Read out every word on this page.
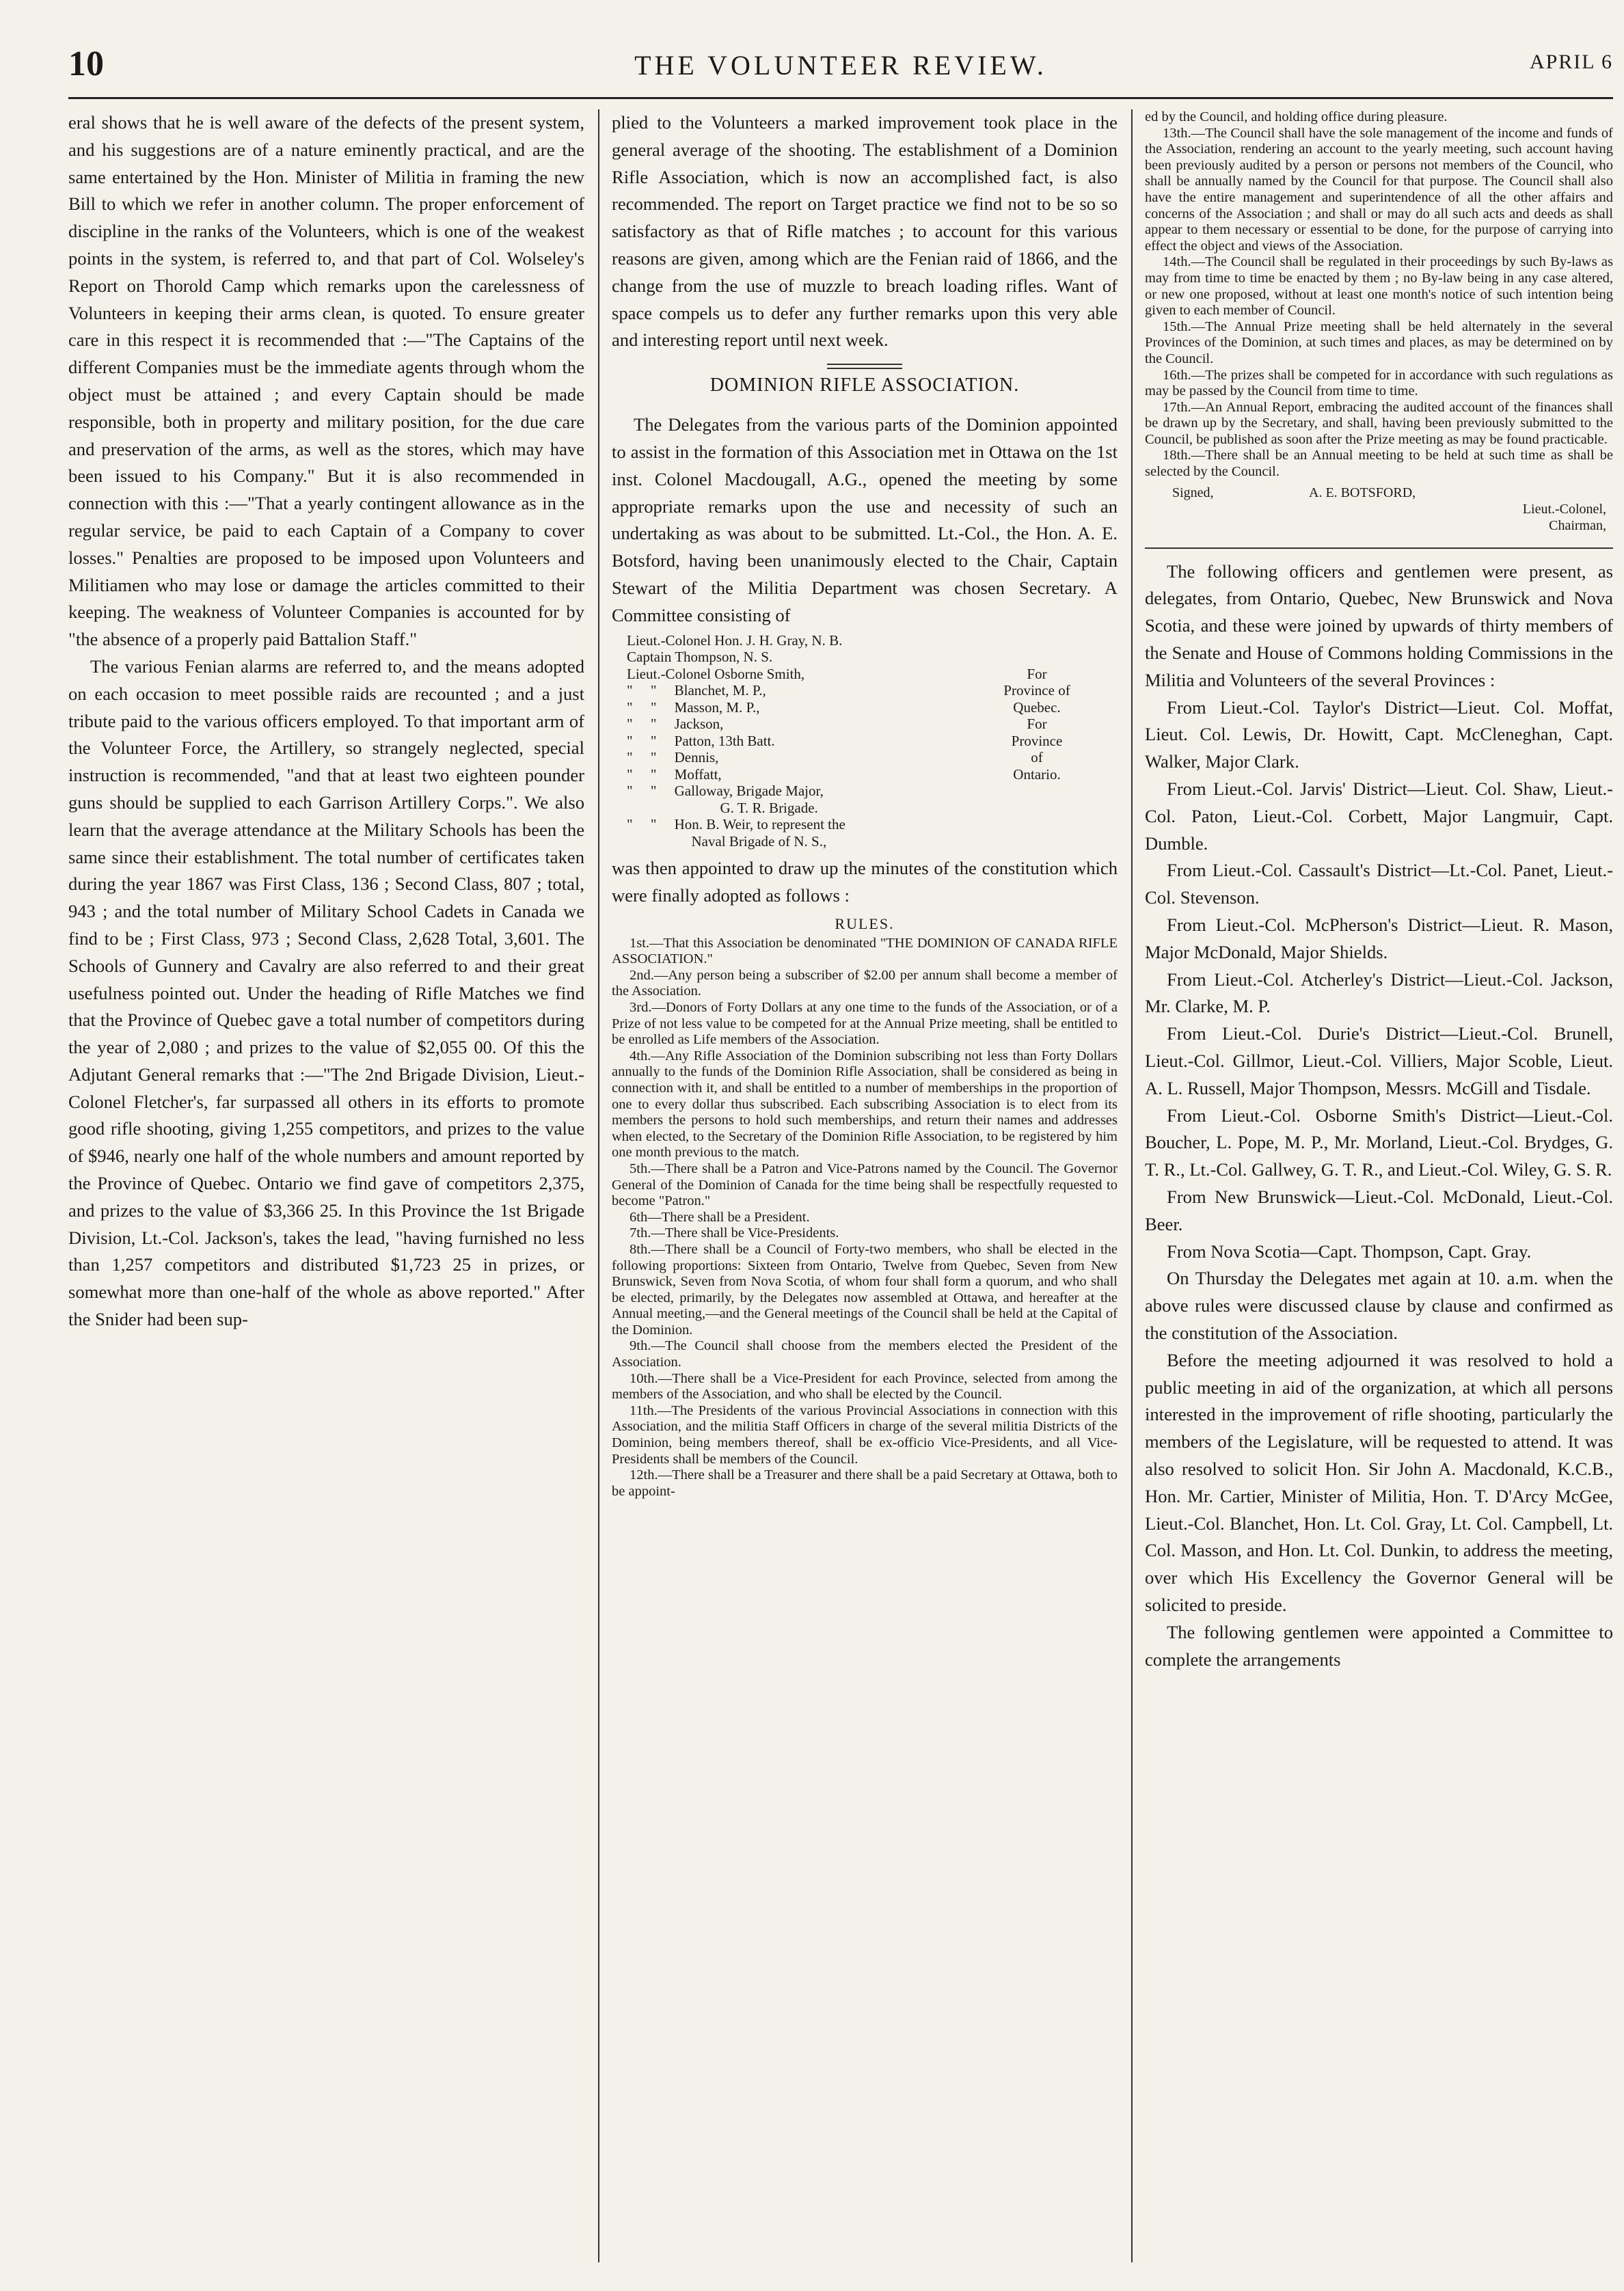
10	THE VOLUNTEER REVIEW.	APRIL 6

eral shows that he is well aware of the defects of the present system, and his suggestions are of a nature eminently practical, and are the same entertained by the Hon. Minister of Militia in framing the new Bill to which we refer in another column. The proper enforcement of discipline in the ranks of the Volunteers, which is one of the weakest points in the system, is referred to, and that part of Col. Wolseley's Report on Thorold Camp which remarks upon the carelessness of Volunteers in keeping their arms clean, is quoted. To ensure greater care in this respect it is recommended that :—"The Captains of the different Companies must be the immediate agents through whom the object must be attained ; and every Captain should be made responsible, both in property and military position, for the due care and preservation of the arms, as well as the stores, which may have been issued to his Company." But it is also recommended in connection with this :—"That a yearly contingent allowance as in the regular service, be paid to each Captain of a Company to cover losses." Penalties are proposed to be imposed upon Volunteers and Militiamen who may lose or damage the articles committed to their keeping. The weakness of Volunteer Companies is accounted for by "the absence of a properly paid Battalion Staff."

The various Fenian alarms are referred to, and the means adopted on each occasion to meet possible raids are recounted ; and a just tribute paid to the various officers employed. To that important arm of the Volunteer Force, the Artillery, so strangely neglected, special instruction is recommended, "and that at least two eighteen pounder guns should be supplied to each Garrison Artillery Corps.". We also learn that the average attendance at the Military Schools has been the same since their establishment. The total number of certificates taken during the year 1867 was First Class, 136 ; Second Class, 807 ; total, 943 ; and the total number of Military School Cadets in Canada we find to be ; First Class, 973 ; Second Class, 2,628 Total, 3,601. The Schools of Gunnery and Cavalry are also referred to and their great usefulness pointed out. Under the heading of Rifle Matches we find that the Province of Quebec gave a total number of competitors during the year of 2,080 ; and prizes to the value of $2,055 00. Of this the Adjutant General remarks that :—"The 2nd Brigade Division, Lieut.-Colonel Fletcher's, far surpassed all others in its efforts to promote good rifle shooting, giving 1,255 competitors, and prizes to the value of $946, nearly one half of the whole numbers and amount reported by the Province of Quebec. Ontario we find gave of competitors 2,375, and prizes to the value of $3,366 25. In this Province the 1st Brigade Division, Lt.-Col. Jackson's, takes the lead, "having furnished no less than 1,257 competitors and distributed $1,723 25 in prizes, or somewhat more than one-half of the whole as above reported." After the Snider had been sup-

plied to the Volunteers a marked improvement took place in the general average of the shooting. The establishment of a Dominion Rifle Association, which is now an accomplished fact, is also recommended. The report on Target practice we find not to be so so satisfactory as that of Rifle matches ; to account for this various reasons are given, among which are the Fenian raid of 1866, and the change from the use of muzzle to breach loading rifles. Want of space compels us to defer any further remarks upon this very able and interesting report until next week.

DOMINION RIFLE ASSOCIATION.

The Delegates from the various parts of the Dominion appointed to assist in the formation of this Association met in Ottawa on the 1st inst. Colonel Macdougall, A.G., opened the meeting by some appropriate remarks upon the use and necessity of such an undertaking as was about to be submitted. Lt.-Col., the Hon. A. E. Botsford, having been unanimously elected to the Chair, Captain Stewart of the Militia Department was chosen Secretary. A Committee consisting of

Lieut.-Colonel Hon. J. H. Gray, N. B.
Captain Thompson, N. S.
Lieut.-Colonel Osborne Smith,	For
"     "     Blanchet, M. P.,	Province of
"     "     Masson, M. P.,	Quebec.
"     "     Jackson,	For
"     "     Patton, 13th Batt.	Province
"     "     Dennis,	of
"     "     Moffatt,	Ontario.
"     "     Galloway, Brigade Major,
G. T. R. Brigade.
"     "     Hon. B. Weir, to represent the
Naval Brigade of N. S.,

was then appointed to draw up the minutes of the constitution which were finally adopted as follows :

RULES.

1st.—That this Association be denominated "THE DOMINION OF CANADA RIFLE ASSOCIATION."

2nd.—Any person being a subscriber of $2.00 per annum shall become a member of the Association.

3rd.—Donors of Forty Dollars at any one time to the funds of the Association, or of a Prize of not less value to be competed for at the Annual Prize meeting, shall be entitled to be enrolled as Life members of the Association.

4th.—Any Rifle Association of the Dominion subscribing not less than Forty Dollars annually to the funds of the Dominion Rifle Association, shall be considered as being in connection with it, and shall be entitled to a number of memberships in the proportion of one to every dollar thus subscribed. Each subscribing Association is to elect from its members the persons to hold such memberships, and return their names and addresses when elected, to the Secretary of the Dominion Rifle Association, to be registered by him one month previous to the match.

5th.—There shall be a Patron and Vice-Patrons named by the Council. The Governor General of the Dominion of Canada for the time being shall be respectfully requested to become "Patron."

6th—There shall be a President.

7th.—There shall be Vice-Presidents.

8th.—There shall be a Council of Forty-two members, who shall be elected in the following proportions: Sixteen from Ontario, Twelve from Quebec, Seven from New Brunswick, Seven from Nova Scotia, of whom four shall form a quorum, and who shall be elected, primarily, by the Delegates now assembled at Ottawa, and hereafter at the Annual meeting,—and the General meetings of the Council shall be held at the Capital of the Dominion.

9th.—The Council shall choose from the members elected the President of the Association.

10th.—There shall be a Vice-President for each Province, selected from among the members of the Association, and who shall be elected by the Council.

11th.—The Presidents of the various Provincial Associations in connection with this Association, and the militia Staff Officers in charge of the several militia Districts of the Dominion, being members thereof, shall be ex-officio Vice-Presidents, and all Vice-Presidents shall be members of the Council.

12th.—There shall be a Treasurer and there shall be a paid Secretary at Ottawa, both to be appoint-

ed by the Council, and holding office during pleasure.

13th.—The Council shall have the sole management of the income and funds of the Association, rendering an account to the yearly meeting, such account having been previously audited by a person or persons not members of the Council, who shall be annually named by the Council for that purpose. The Council shall also have the entire management and superintendence of all the other affairs and concerns of the Association ; and shall or may do all such acts and deeds as shall appear to them necessary or essential to be done, for the purpose of carrying into effect the object and views of the Association.

14th.—The Council shall be regulated in their proceedings by such By-laws as may from time to time be enacted by them ; no By-law being in any case altered, or new one proposed, without at least one month's notice of such intention being given to each member of Council.

15th.—The Annual Prize meeting shall be held alternately in the several Provinces of the Dominion, at such times and places, as may be determined on by the Council.

16th.—The prizes shall be competed for in accordance with such regulations as may be passed by the Council from time to time.

17th.—An Annual Report, embracing the audited account of the finances shall be drawn up by the Secretary, and shall, having been previously submitted to the Council, be published as soon after the Prize meeting as may be found practicable.

18th.—There shall be an Annual meeting to be held at such time as shall be selected by the Council.

Signed,	A. E. BOTSFORD,
Lieut.-Colonel,
Chairman,

The following officers and gentlemen were present, as delegates, from Ontario, Quebec, New Brunswick and Nova Scotia, and these were joined by upwards of thirty members of the Senate and House of Commons holding Commissions in the Militia and Volunteers of the several Provinces :

From Lieut.-Col. Taylor's District—Lieut. Col. Moffat, Lieut. Col. Lewis, Dr. Howitt, Capt. McCleneghan, Capt. Walker, Major Clark.

From Lieut.-Col. Jarvis' District—Lieut. Col. Shaw, Lieut.-Col. Paton, Lieut.-Col. Corbett, Major Langmuir, Capt. Dumble.

From Lieut.-Col. Cassault's District—Lt.-Col. Panet, Lieut.-Col. Stevenson.

From Lieut.-Col. McPherson's District—Lieut. R. Mason, Major McDonald, Major Shields.

From Lieut.-Col. Atcherley's District—Lieut.-Col. Jackson, Mr. Clarke, M. P.

From Lieut.-Col. Durie's District—Lieut.-Col. Brunell, Lieut.-Col. Gillmor, Lieut.-Col. Villiers, Major Scoble, Lieut. A. L. Russell, Major Thompson, Messrs. McGill and Tisdale.

From Lieut.-Col. Osborne Smith's District—Lieut.-Col. Boucher, L. Pope, M. P., Mr. Morland, Lieut.-Col. Brydges, G. T. R., Lt.-Col. Gallwey, G. T. R., and Lieut.-Col. Wiley, G. S. R.

From New Brunswick—Lieut.-Col. McDonald, Lieut.-Col. Beer.

From Nova Scotia—Capt. Thompson, Capt. Gray.

On Thursday the Delegates met again at 10. a.m. when the above rules were discussed clause by clause and confirmed as the constitution of the Association.

Before the meeting adjourned it was resolved to hold a public meeting in aid of the organization, at which all persons interested in the improvement of rifle shooting, particularly the members of the Legislature, will be requested to attend. It was also resolved to solicit Hon. Sir John A. Macdonald, K.C.B., Hon. Mr. Cartier, Minister of Militia, Hon. T. D'Arcy McGee, Lieut.-Col. Blanchet, Hon. Lt. Col. Gray, Lt. Col. Campbell, Lt. Col. Masson, and Hon. Lt. Col. Dunkin, to address the meeting, over which His Excellency the Governor General will be solicited to preside.

The following gentlemen were appointed a Committee to complete the arrangements
